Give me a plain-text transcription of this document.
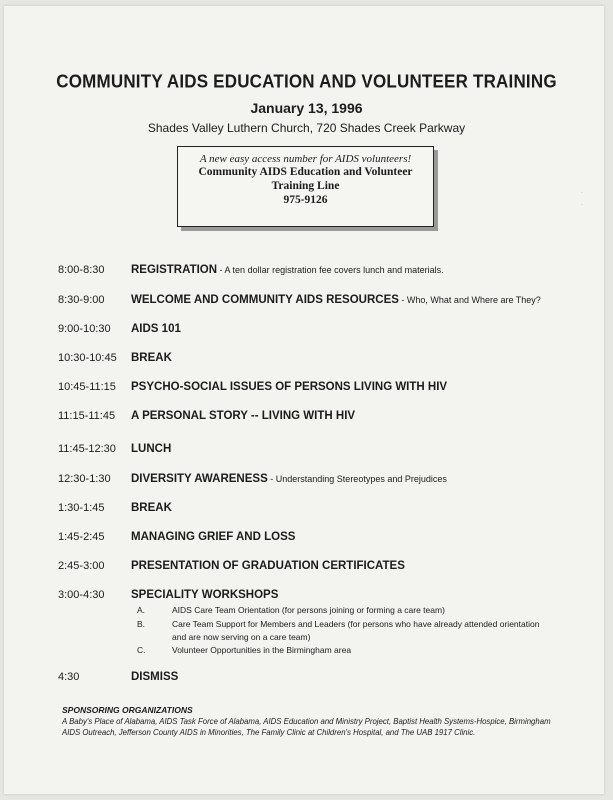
COMMUNITY AIDS EDUCATION AND VOLUNTEER TRAINING
January 13, 1996
Shades Valley Luthern Church, 720 Shades Creek Parkway
A new easy access number for AIDS volunteers!
Community AIDS Education and Volunteer
Training Line
975-9126
·

·
8:00-8:30 REGISTRATION - A ten dollar registration fee covers lunch and materials.
8:30-9:00 WELCOME AND COMMUNITY AIDS RESOURCES - Who, What and Where are They?
9:00-10:30 AIDS 101
10:30-10:45 BREAK
10:45-11:15 PSYCHO-SOCIAL ISSUES OF PERSONS LIVING WITH HIV
11:15-11:45 A PERSONAL STORY -- LIVING WITH HIV
11:45-12:30 LUNCH
12:30-1:30 DIVERSITY AWARENESS - Understanding Stereotypes and Prejudices
1:30-1:45 BREAK
1:45-2:45 MANAGING GRIEF AND LOSS
2:45-3:00 PRESENTATION OF GRADUATION CERTIFICATES
3:00-4:30 SPECIALITY WORKSHOPS
A.	AIDS Care Team Orientation (for persons joining or forming a care team)
B.	Care Team Support for Members and Leaders (for persons who have already attended orientation
and are now serving on a care team)
C.	Volunteer Opportunities in the Birmingham area
4:30	DISMISS
SPONSORING ORGANIZATIONS
A Baby's Place of Alabama, AIDS Task Force of Alabama, AIDS Education and Ministry Project, Baptist Health Systems-Hospice, Birmingham
AIDS Outreach, Jefferson County AIDS in Minorities, The Family Clinic at Children's Hospital, and The UAB 1917 Clinic.
